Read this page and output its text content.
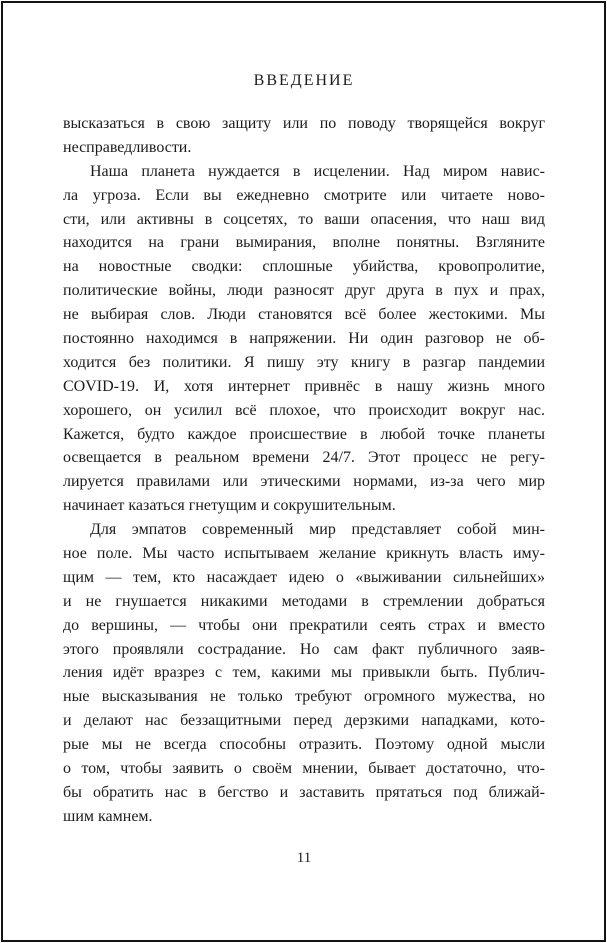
ВВЕДЕНИЕ
высказаться в свою защиту или по поводу творящейся вокруг
несправедливости.
Наша планета нуждается в исцелении. Над миром навис-
ла угроза. Если вы ежедневно смотрите или читаете ново-
сти, или активны в соцсетях, то ваши опасения, что наш вид
находится на грани вымирания, вполне понятны. Взгляните
на новостные сводки: сплошные убийства, кровопролитие,
политические войны, люди разносят друг друга в пух и прах,
не выбирая слов. Люди становятся всё более жестокими. Мы
постоянно находимся в напряжении. Ни один разговор не об-
ходится без политики. Я пишу эту книгу в разгар пандемии
COVID-19. И, хотя интернет привнёс в нашу жизнь много
хорошего, он усилил всё плохое, что происходит вокруг нас.
Кажется, будто каждое происшествие в любой точке планеты
освещается в реальном времени 24/7. Этот процесс не регу-
лируется правилами или этическими нормами, из-за чего мир
начинает казаться гнетущим и сокрушительным.
Для эмпатов современный мир представляет собой мин-
ное поле. Мы часто испытываем желание крикнуть власть иму-
щим — тем, кто насаждает идею о «выживании сильнейших»
и не гнушается никакими методами в стремлении добраться
до вершины, — чтобы они прекратили сеять страх и вместо
этого проявляли сострадание. Но сам факт публичного заяв-
ления идёт вразрез с тем, какими мы привыкли быть. Публич-
ные высказывания не только требуют огромного мужества, но
и делают нас беззащитными перед дерзкими нападками, кото-
рые мы не всегда способны отразить. Поэтому одной мысли
о том, чтобы заявить о своём мнении, бывает достаточно, что-
бы обратить нас в бегство и заставить прятаться под ближай-
шим камнем.
11
